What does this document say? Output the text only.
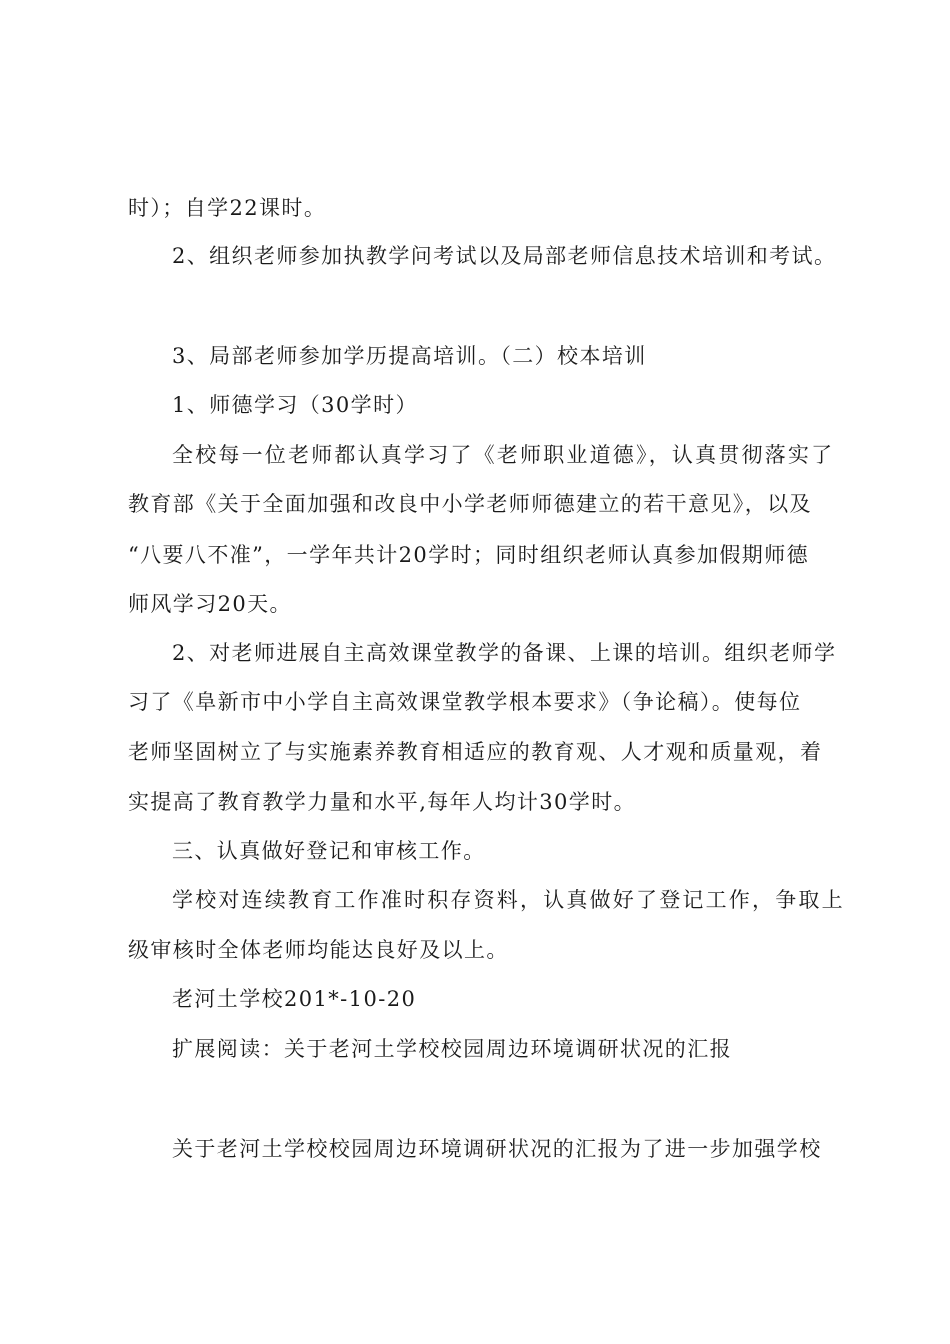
时）；自学22课时。
2、组织老师参加执教学问考试以及局部老师信息技术培训和考试。
3、局部老师参加学历提高培训。（二）校本培训
1、师德学习（30学时）
全校每一位老师都认真学习了《老师职业道德》，认真贯彻落实了
教育部《关于全面加强和改良中小学老师师德建立的若干意见》，以及
“八要八不准”，一学年共计20学时；同时组织老师认真参加假期师德
师风学习20天。
2、对老师进展自主高效课堂教学的备课、上课的培训。组织老师学
习了《阜新市中小学自主高效课堂教学根本要求》（争论稿）。使每位
老师坚固树立了与实施素养教育相适应的教育观、人才观和质量观，着
实提高了教育教学力量和水平,每年人均计30学时。
三、认真做好登记和审核工作。
学校对连续教育工作准时积存资料，认真做好了登记工作，争取上
级审核时全体老师均能达良好及以上。
老河土学校201*-10-20
扩展阅读：关于老河土学校校园周边环境调研状况的汇报
关于老河土学校校园周边环境调研状况的汇报为了进一步加强学校
